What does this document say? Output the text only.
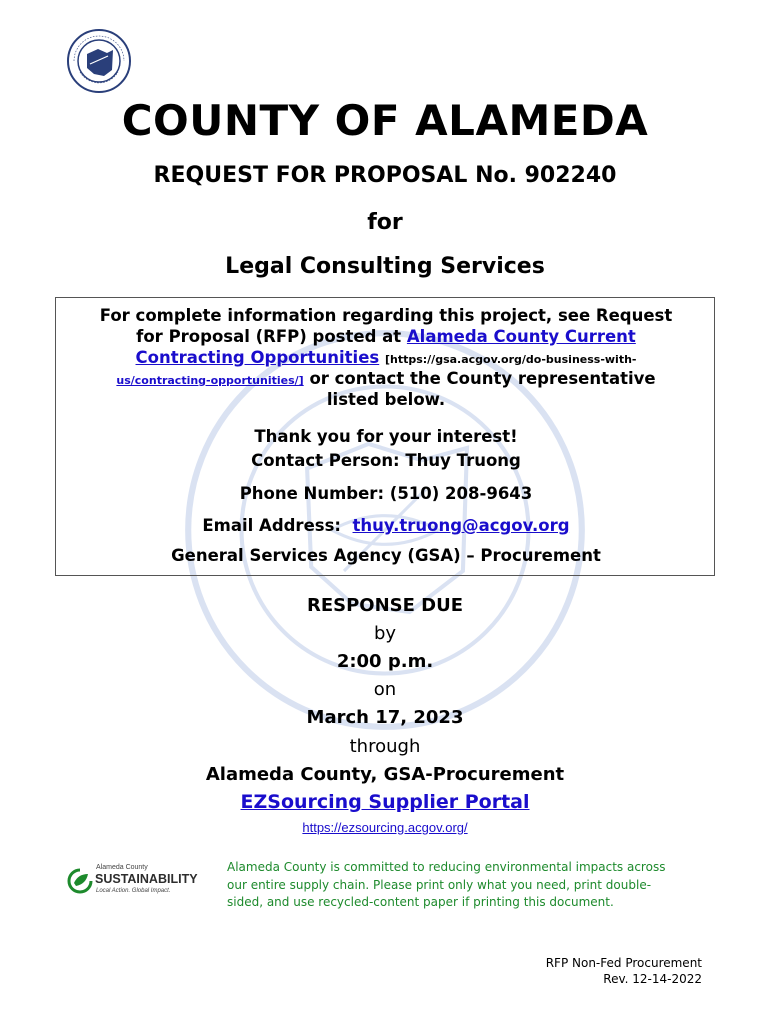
COUNTY OF ALAMEDA
REQUEST FOR PROPOSAL No. 902240
for
Legal Consulting Services
For complete information regarding this project, see Request
for Proposal (RFP) posted at Alameda County Current
Contracting Opportunities [https://gsa.acgov.org/do-business-with-
us/contracting-opportunities/] or contact the County representative
listed below.
Thank you for your interest!
Contact Person: Thuy Truong
Phone Number: (510) 208-9643
Email Address: thuy.truong@acgov.org
General Services Agency (GSA) – Procurement
RESPONSE DUE
by
2:00 p.m.
on
March 17, 2023
through
Alameda County, GSA-Procurement
EZSourcing Supplier Portal
https://ezsourcing.acgov.org/
Alameda County
SUSTAINABILITY
Local Action. Global Impact.
Alameda County is committed to reducing environmental impacts across
our entire supply chain. Please print only what you need, print double-
sided, and use recycled-content paper if printing this document.
RFP Non-Fed Procurement
Rev. 12-14-2022
